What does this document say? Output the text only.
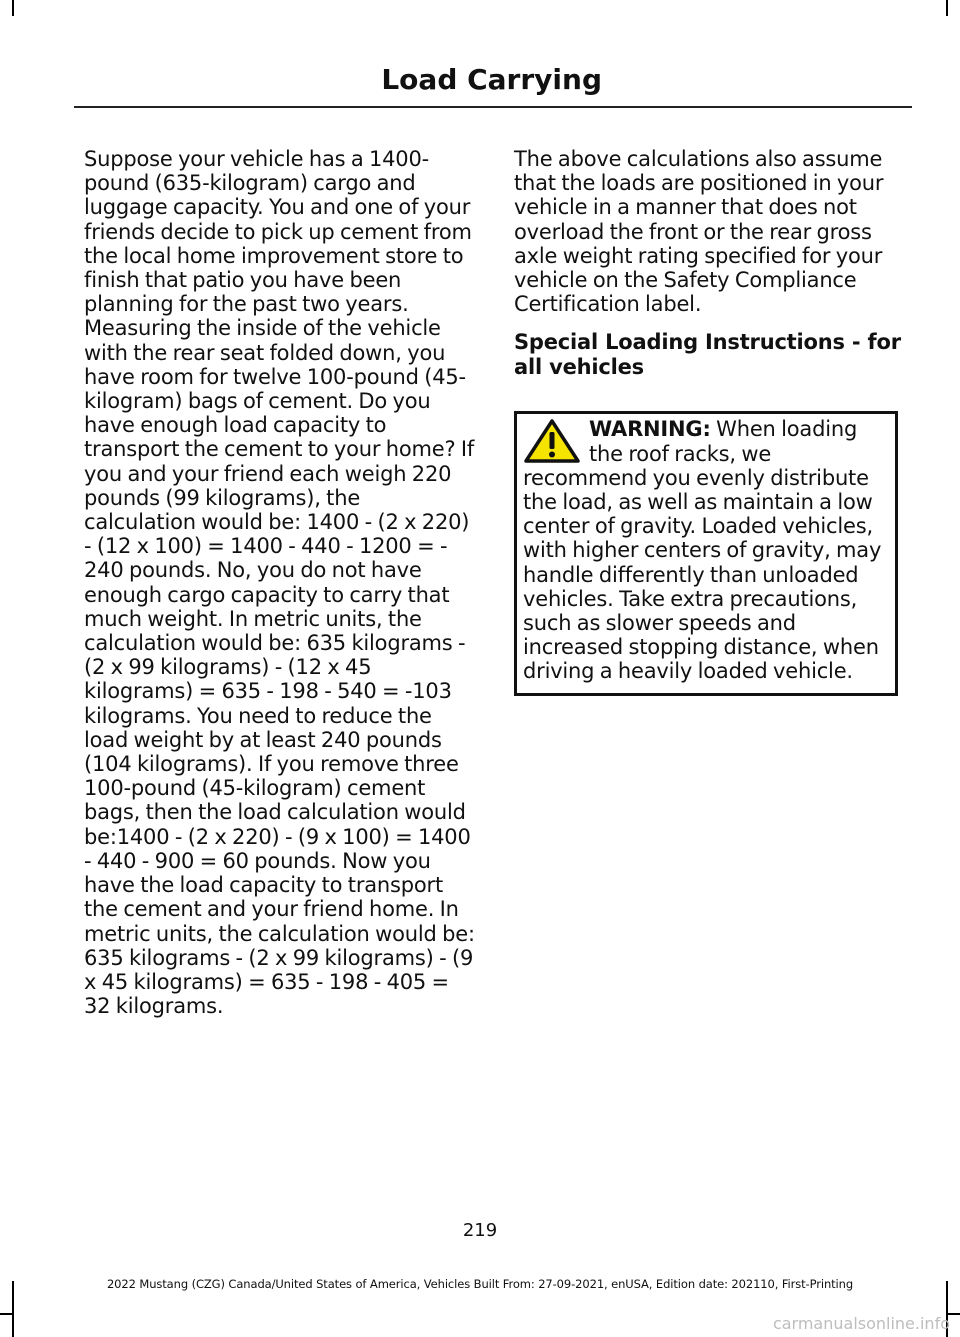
Load Carrying

Suppose your vehicle has a 1400-pound (635-kilogram) cargo and luggage capacity. You and one of your friends decide to pick up cement from the local home improvement store to finish that patio you have been planning for the past two years. Measuring the inside of the vehicle with the rear seat folded down, you have room for twelve 100-pound (45-kilogram) bags of cement. Do you have enough load capacity to transport the cement to your home? If you and your friend each weigh 220 pounds (99 kilograms), the calculation would be: 1400 - (2 x 220) - (12 x 100) = 1400 - 440 - 1200 = - 240 pounds. No, you do not have enough cargo capacity to carry that much weight. In metric units, the calculation would be: 635 kilograms - (2 x 99 kilograms) - (12 x 45 kilograms) = 635 - 198 - 540 = -103 kilograms. You need to reduce the load weight by at least 240 pounds (104 kilograms). If you remove three 100-pound (45-kilogram) cement bags, then the load calculation would be:1400 - (2 x 220) - (9 x 100) = 1400 - 440 - 900 = 60 pounds. Now you have the load capacity to transport the cement and your friend home. In metric units, the calculation would be: 635 kilograms - (2 x 99 kilograms) - (9 x 45 kilograms) = 635 - 198 - 405 = 32 kilograms.

The above calculations also assume that the loads are positioned in your vehicle in a manner that does not overload the front or the rear gross axle weight rating specified for your vehicle on the Safety Compliance Certification label.

Special Loading Instructions - for all vehicles

WARNING: When loading the roof racks, we recommend you evenly distribute the load, as well as maintain a low center of gravity. Loaded vehicles, with higher centers of gravity, may handle differently than unloaded vehicles. Take extra precautions, such as slower speeds and increased stopping distance, when driving a heavily loaded vehicle.

219
2022 Mustang (CZG) Canada/United States of America, Vehicles Built From: 27-09-2021, enUSA, Edition date: 202110, First-Printing
carmanualsonline.info
